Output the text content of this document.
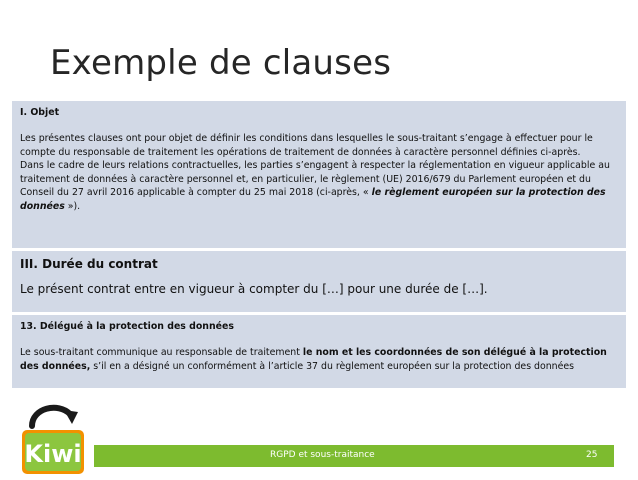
Exemple de clauses

I. Objet

Les présentes clauses ont pour objet de définir les conditions dans lesquelles le sous-traitant s’engage à effectuer pour le compte du responsable de traitement les opérations de traitement de données à caractère personnel définies ci-après.

Dans le cadre de leurs relations contractuelles, les parties s’engagent à respecter la réglementation en vigueur applicable au traitement de données à caractère personnel et, en particulier, le règlement (UE) 2016/679 du Parlement européen et du Conseil du 27 avril 2016 applicable à compter du 25 mai 2018 (ci-après, « le règlement européen sur la protection des données »).

III. Durée du contrat

Le présent contrat entre en vigueur à compter du […] pour une durée de […].

13. Délégué à la protection des données

Le sous-traitant communique au responsable de traitement le nom et les coordonnées de son délégué à la protection des données, s’il en a désigné un conformément à l’article 37 du règlement européen sur la protection des données

Kiwi	RGPD et sous-traitance	25
